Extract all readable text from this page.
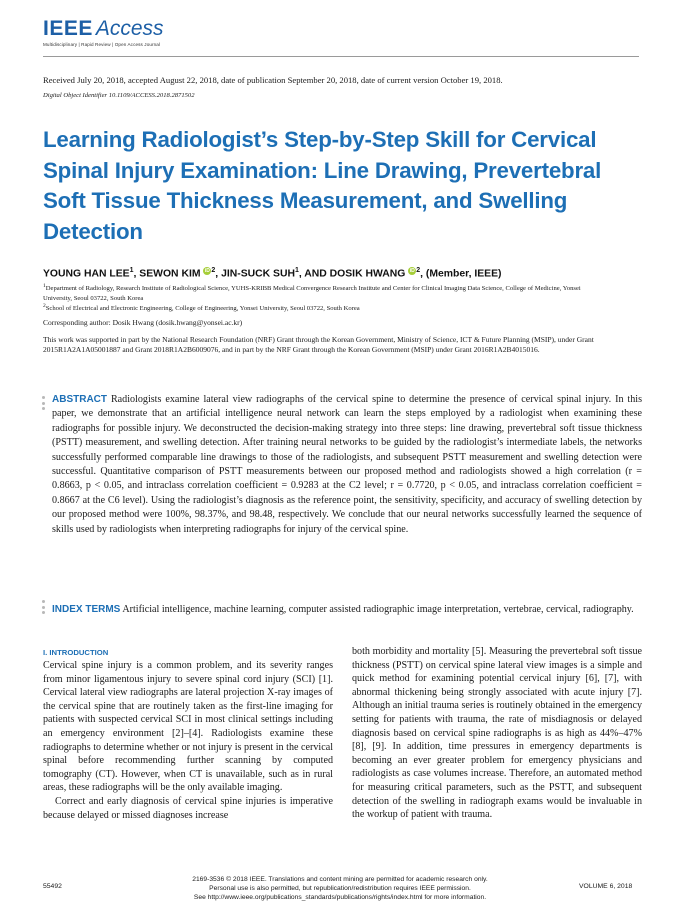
IEEE Access
Multidisciplinary | Rapid Review | Open Access Journal
Received July 20, 2018, accepted August 22, 2018, date of publication September 20, 2018, date of current version October 19, 2018.
Digital Object Identifier 10.1109/ACCESS.2018.2871502
Learning Radiologist’s Step-by-Step Skill for Cervical Spinal Injury Examination: Line Drawing, Prevertebral Soft Tissue Thickness Measurement, and Swelling Detection
YOUNG HAN LEE$^1$, SEWON KIM iD $^2$, JIN-SUCK SUH$^1$, AND DOSIK HWANG iD $^2$, (Member, IEEE)
$^1$Department of Radiology, Research Institute of Radiological Science, YUHS-KRIBB Medical Convergence Research Institute and Center for Clinical Imaging Data Science, College of Medicine, Yonsei University, Seoul 03722, South Korea
$^2$School of Electrical and Electronic Engineering, College of Engineering, Yonsei University, Seoul 03722, South Korea
Corresponding author: Dosik Hwang (dosik.hwang@yonsei.ac.kr)
This work was supported in part by the National Research Foundation (NRF) Grant through the Korean Government, Ministry of Science, ICT & Future Planning (MSIP), under Grant 2015R1A2A1A05001887 and Grant 2018R1A2B6009076, and in part by the NRF Grant through the Korean Government (MSIP) under Grant 2016R1A2B4015016.
ABSTRACT Radiologists examine lateral view radiographs of the cervical spine to determine the presence of cervical spinal injury. In this paper, we demonstrate that an artificial intelligence neural network can learn the steps employed by a radiologist when examining these radiographs for possible injury. We deconstructed the decision-making strategy into three steps: line drawing, prevertebral soft tissue thickness (PSTT) measurement, and swelling detection. After training neural networks to be guided by the radiologist’s intermediate labels, the networks successfully performed comparable line drawings to those of the radiologists, and subsequent PSTT measurement and swelling detection were successful. Quantitative comparison of PSTT measurements between our proposed method and radiologists showed a high correlation (r = 0.8663, p < 0.05, and intraclass correlation coefficient = 0.9283 at the C2 level; r = 0.7720, p < 0.05, and intraclass correlation coefficient = 0.8667 at the C6 level). Using the radiologist’s diagnosis as the reference point, the sensitivity, specificity, and accuracy of swelling detection by our proposed method were 100%, 98.37%, and 98.48, respectively. We conclude that our neural networks successfully learned the sequence of skills used by radiologists when interpreting radiographs for injury of the cervical spine.
INDEX TERMS Artificial intelligence, machine learning, computer assisted radiographic image interpretation, vertebrae, cervical, radiography.
I. INTRODUCTION

Cervical spine injury is a common problem, and its severity ranges from minor ligamentous injury to severe spinal cord injury (SCI) [1]. Cervical lateral view radiographs are lateral projection X-ray images of the cervical spine that are routinely taken as the first-line imaging for patients with suspected cervical SCI in most clinical settings including an emergency environment [2]–[4]. Radiologists examine these radiographs to determine whether or not injury is present in the cervical spinal before recommending further scanning by computed tomography (CT). However, when CT is unavailable, such as in rural areas, these radiographs will be the only available imaging.

Correct and early diagnosis of cervical spine injuries is imperative because delayed or missed diagnoses increase

both morbidity and mortality [5]. Measuring the prevertebral soft tissue thickness (PSTT) on cervical spine lateral view images is a simple and quick method for examining potential cervical injury [6], [7], with abnormal thickening being strongly associated with acute injury [7]. Although an initial trauma series is routinely obtained in the emergency setting for patients with trauma, the rate of misdiagnosis or delayed diagnosis based on cervical spine radiographs is as high as 44%–47% [8], [9]. In addition, time pressures in emergency departments is becoming an ever greater problem for emergency physicians and radiologists as case volumes increase. Therefore, an automated method for measuring critical parameters, such as the PSTT, and subsequent detection of the swelling in radiograph exams would be invaluable in the workup of patient with trauma.

55492
2169-3536 © 2018 IEEE. Translations and content mining are permitted for academic research only.
Personal use is also permitted, but republication/redistribution requires IEEE permission.
See http://www.ieee.org/publications_standards/publications/rights/index.html for more information.
VOLUME 6, 2018
